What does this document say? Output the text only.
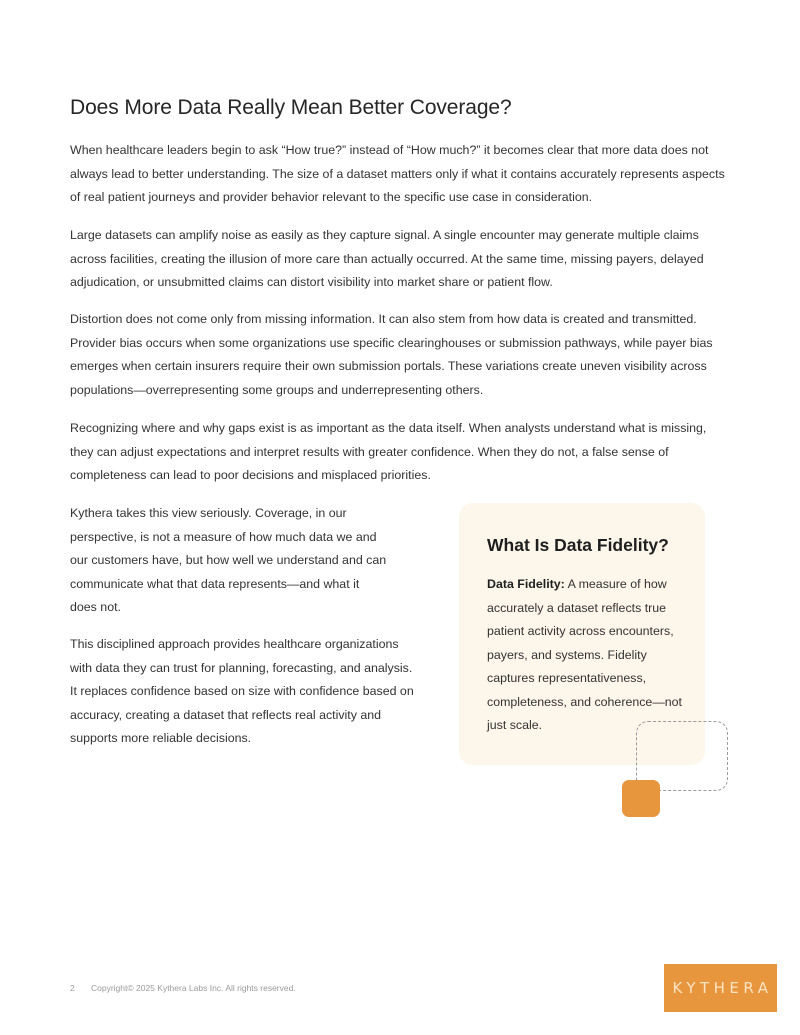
Does More Data Really Mean Better Coverage?

When healthcare leaders begin to ask “How true?” instead of “How much?” it becomes clear that more data does not always lead to better understanding. The size of a dataset matters only if what it contains accurately represents aspects of real patient journeys and provider behavior relevant to the specific use case in consideration.

Large datasets can amplify noise as easily as they capture signal. A single encounter may generate multiple claims across facilities, creating the illusion of more care than actually occurred. At the same time, missing payers, delayed adjudication, or unsubmitted claims can distort visibility into market share or patient flow.

Distortion does not come only from missing information. It can also stem from how data is created and transmitted. Provider bias occurs when some organizations use specific clearinghouses or submission pathways, while payer bias emerges when certain insurers require their own submission portals. These variations create uneven visibility across populations—overrepresenting some groups and underrepresenting others.

Recognizing where and why gaps exist is as important as the data itself. When analysts understand what is missing, they can adjust expectations and interpret results with greater confidence. When they do not, a false sense of completeness can lead to poor decisions and misplaced priorities.

Kythera takes this view seriously. Coverage, in our perspective, is not a measure of how much data we and our customers have, but how well we understand and can communicate what that data represents—and what it does not.

This disciplined approach provides healthcare organizations with data they can trust for planning, forecasting, and analysis. It replaces confidence based on size with confidence based on accuracy, creating a dataset that reflects real activity and supports more reliable decisions.

What Is Data Fidelity?

Data Fidelity: A measure of how accurately a dataset reflects true patient activity across encounters, payers, and systems. Fidelity captures representativeness, completeness, and coherence—not just scale.

2 Copyright© 2025 Kythera Labs Inc. All rights reserved.	KYTHERA
